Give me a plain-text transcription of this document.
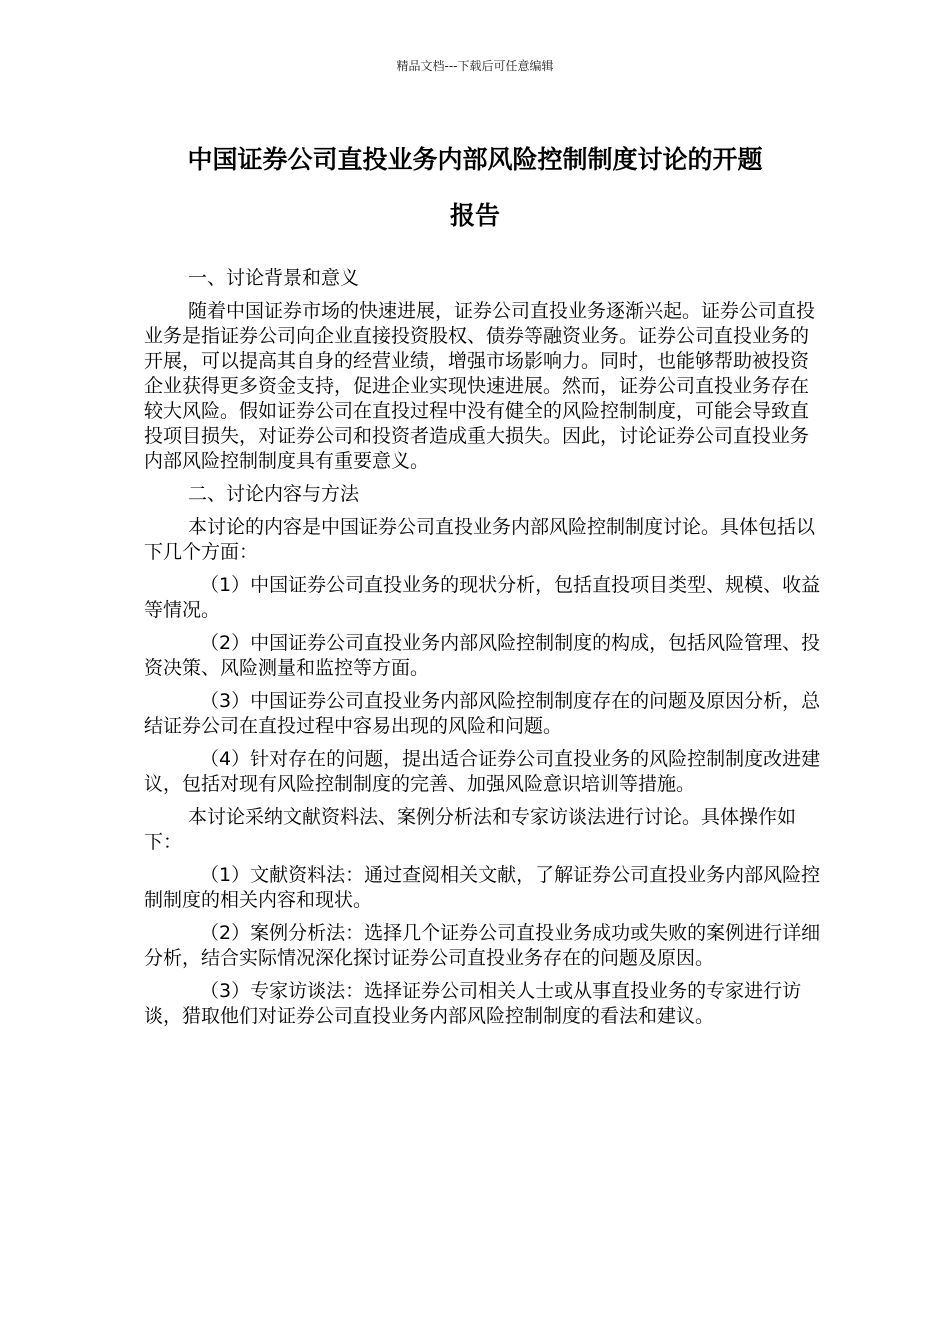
精品文档---下载后可任意编辑
中国证券公司直投业务内部风险控制制度讨论的开题
报告

一、讨论背景和意义

随着中国证券市场的快速进展，证券公司直投业务逐渐兴起。证券公司直投业务是指证券公司向企业直接投资股权、债券等融资业务。证券公司直投业务的开展，可以提高其自身的经营业绩，增强市场影响力。同时，也能够帮助被投资企业获得更多资金支持，促进企业实现快速进展。然而，证券公司直投业务存在较大风险。假如证券公司在直投过程中没有健全的风险控制制度，可能会导致直投项目损失，对证券公司和投资者造成重大损失。因此，讨论证券公司直投业务内部风险控制制度具有重要意义。

二、讨论内容与方法

本讨论的内容是中国证券公司直投业务内部风险控制制度讨论。具体包括以下几个方面：

（1）中国证券公司直投业务的现状分析，包括直投项目类型、规模、收益等情况。

（2）中国证券公司直投业务内部风险控制制度的构成，包括风险管理、投资决策、风险测量和监控等方面。

（3）中国证券公司直投业务内部风险控制制度存在的问题及原因分析，总结证券公司在直投过程中容易出现的风险和问题。

（4）针对存在的问题，提出适合证券公司直投业务的风险控制制度改进建议，包括对现有风险控制制度的完善、加强风险意识培训等措施。

本讨论采纳文献资料法、案例分析法和专家访谈法进行讨论。具体操作如下：

（1）文献资料法：通过查阅相关文献，了解证券公司直投业务内部风险控制制度的相关内容和现状。

（2）案例分析法：选择几个证券公司直投业务成功或失败的案例进行详细分析，结合实际情况深化探讨证券公司直投业务存在的问题及原因。

（3）专家访谈法：选择证券公司相关人士或从事直投业务的专家进行访谈，猎取他们对证券公司直投业务内部风险控制制度的看法和建议。
